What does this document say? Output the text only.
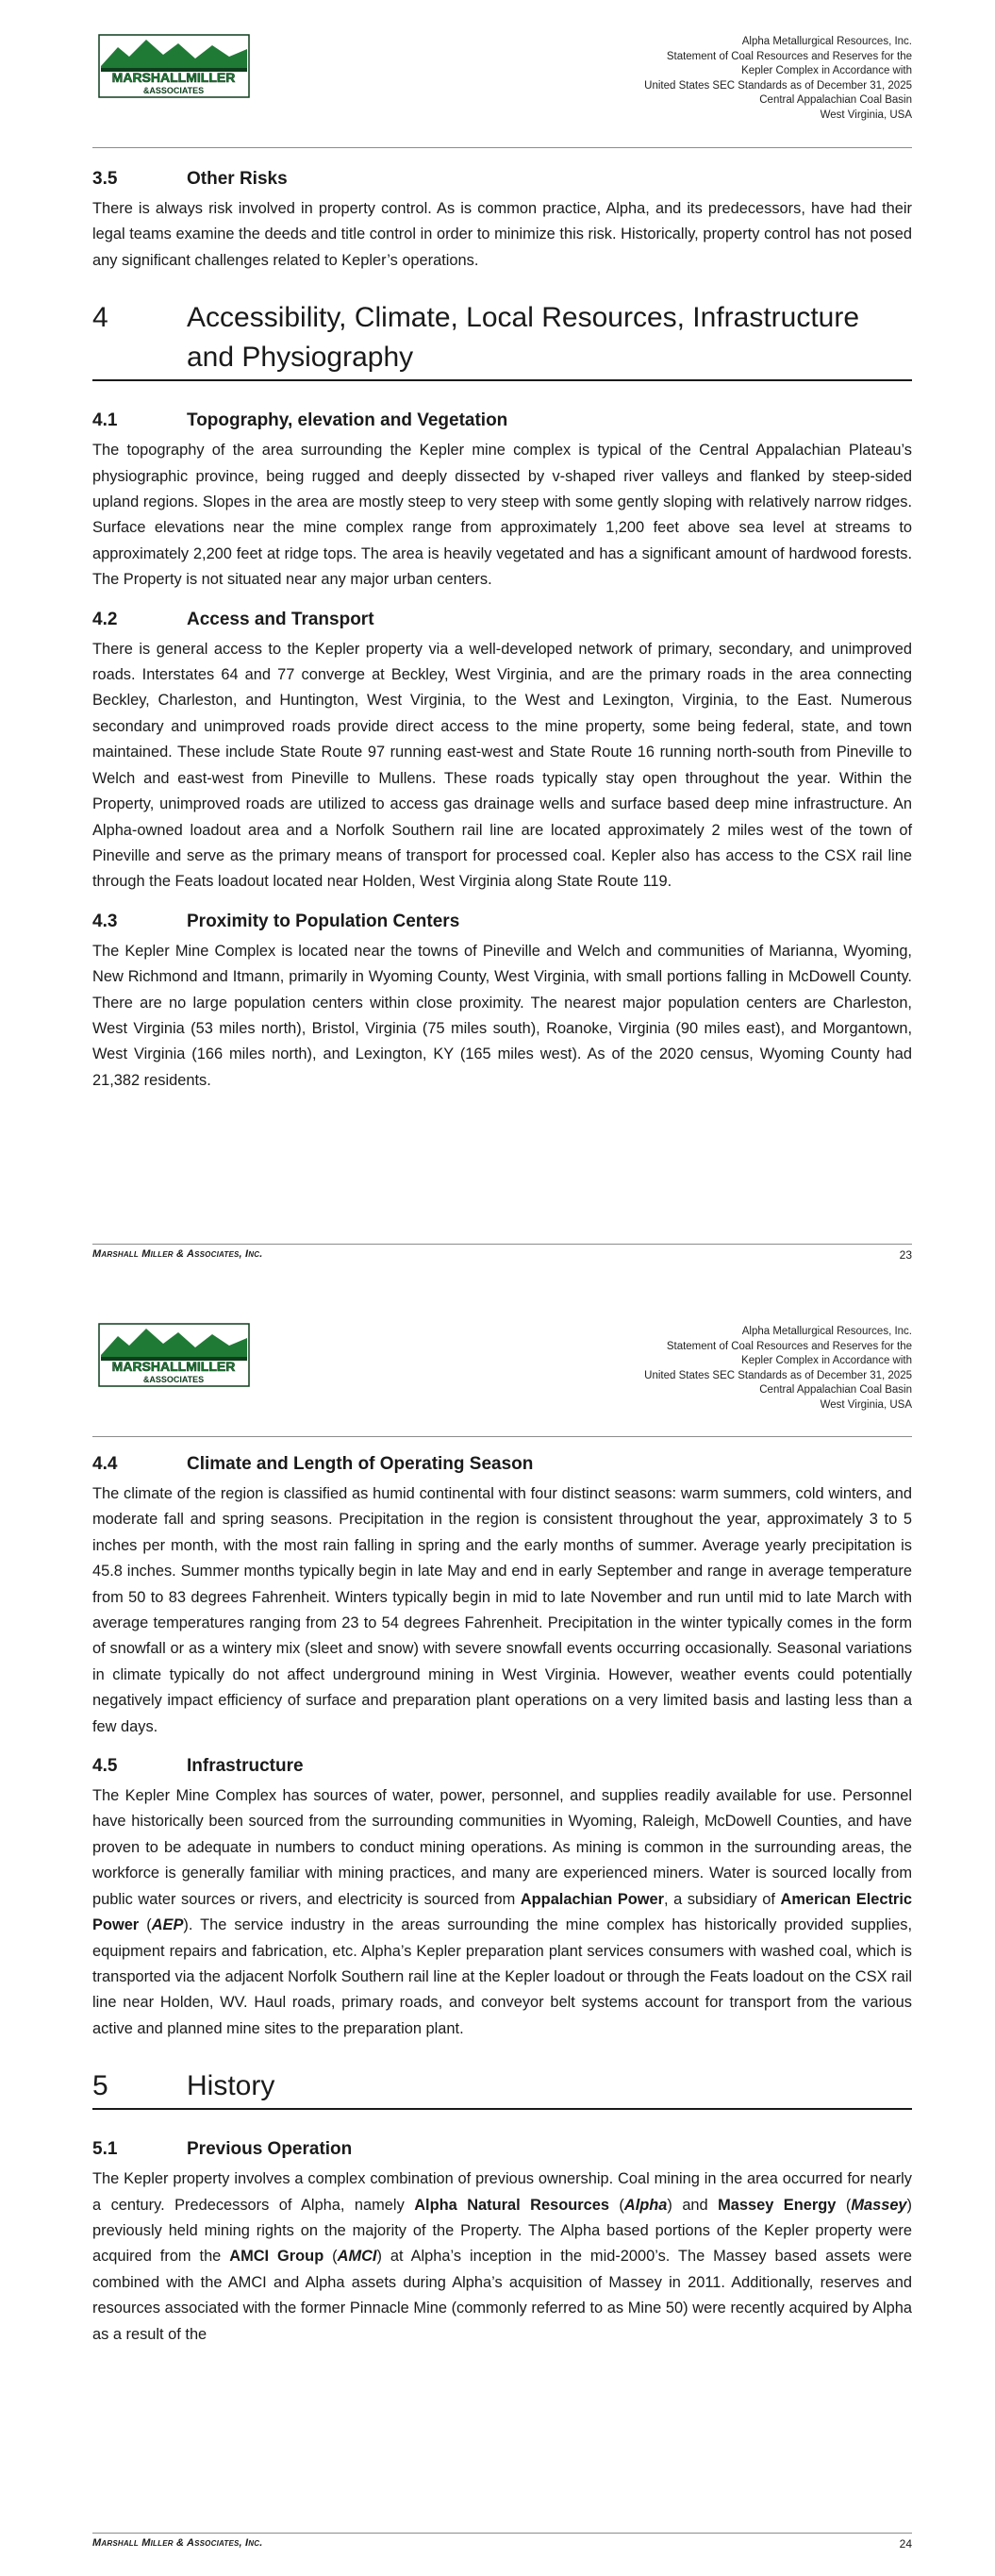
MARSHALLMILLER
&ASSOCIATES
Alpha Metallurgical Resources, Inc.
Statement of Coal Resources and Reserves for the
Kepler Complex in Accordance with
United States SEC Standards as of December 31, 2025
Central Appalachian Coal Basin
West Virginia, USA
3.5	Other Risks

There is always risk involved in property control. As is common practice, Alpha, and its predecessors, have had their legal teams examine the deeds and title control in order to minimize this risk. Historically, property control has not posed any significant challenges related to Kepler’s operations.

4	Accessibility, Climate, Local Resources, Infrastructure and Physiography
4.1	Topography, elevation and Vegetation

The topography of the area surrounding the Kepler mine complex is typical of the Central Appalachian Plateau’s physiographic province, being rugged and deeply dissected by v-shaped river valleys and flanked by steep-sided upland regions. Slopes in the area are mostly steep to very steep with some gently sloping with relatively narrow ridges. Surface elevations near the mine complex range from approximately 1,200 feet above sea level at streams to approximately 2,200 feet at ridge tops. The area is heavily vegetated and has a significant amount of hardwood forests. The Property is not situated near any major urban centers.

4.2	Access and Transport

There is general access to the Kepler property via a well-developed network of primary, secondary, and unimproved roads. Interstates 64 and 77 converge at Beckley, West Virginia, and are the primary roads in the area connecting Beckley, Charleston, and Huntington, West Virginia, to the West and Lexington, Virginia, to the East. Numerous secondary and unimproved roads provide direct access to the mine property, some being federal, state, and town maintained. These include State Route 97 running east-west and State Route 16 running north-south from Pineville to Welch and east-west from Pineville to Mullens. These roads typically stay open throughout the year. Within the Property, unimproved roads are utilized to access gas drainage wells and surface based deep mine infrastructure. An Alpha-owned loadout area and a Norfolk Southern rail line are located approximately 2 miles west of the town of Pineville and serve as the primary means of transport for processed coal. Kepler also has access to the CSX rail line through the Feats loadout located near Holden, West Virginia along State Route 119.

4.3	Proximity to Population Centers

The Kepler Mine Complex is located near the towns of Pineville and Welch and communities of Marianna, Wyoming, New Richmond and Itmann, primarily in Wyoming County, West Virginia, with small portions falling in McDowell County. There are no large population centers within close proximity. The nearest major population centers are Charleston, West Virginia (53 miles north), Bristol, Virginia (75 miles south), Roanoke, Virginia (90 miles east), and Morgantown, West Virginia (166 miles north), and Lexington, KY (165 miles west). As of the 2020 census, Wyoming County had 21,382 residents.

Marshall Miller & Associates, Inc.	23
MARSHALLMILLER
&ASSOCIATES
Alpha Metallurgical Resources, Inc.
Statement of Coal Resources and Reserves for the
Kepler Complex in Accordance with
United States SEC Standards as of December 31, 2025
Central Appalachian Coal Basin
West Virginia, USA
4.4	Climate and Length of Operating Season

The climate of the region is classified as humid continental with four distinct seasons: warm summers, cold winters, and moderate fall and spring seasons. Precipitation in the region is consistent throughout the year, approximately 3 to 5 inches per month, with the most rain falling in spring and the early months of summer. Average yearly precipitation is 45.8 inches. Summer months typically begin in late May and end in early September and range in average temperature from 50 to 83 degrees Fahrenheit. Winters typically begin in mid to late November and run until mid to late March with average temperatures ranging from 23 to 54 degrees Fahrenheit. Precipitation in the winter typically comes in the form of snowfall or as a wintery mix (sleet and snow) with severe snowfall events occurring occasionally. Seasonal variations in climate typically do not affect underground mining in West Virginia. However, weather events could potentially negatively impact efficiency of surface and preparation plant operations on a very limited basis and lasting less than a few days.

4.5	Infrastructure

The Kepler Mine Complex has sources of water, power, personnel, and supplies readily available for use. Personnel have historically been sourced from the surrounding communities in Wyoming, Raleigh, McDowell Counties, and have proven to be adequate in numbers to conduct mining operations. As mining is common in the surrounding areas, the workforce is generally familiar with mining practices, and many are experienced miners. Water is sourced locally from public water sources or rivers, and electricity is sourced from Appalachian Power, a subsidiary of American Electric Power (AEP). The service industry in the areas surrounding the mine complex has historically provided supplies, equipment repairs and fabrication, etc. Alpha’s Kepler preparation plant services consumers with washed coal, which is transported via the adjacent Norfolk Southern rail line at the Kepler loadout or through the Feats loadout on the CSX rail line near Holden, WV. Haul roads, primary roads, and conveyor belt systems account for transport from the various active and planned mine sites to the preparation plant.

5	History
5.1	Previous Operation

The Kepler property involves a complex combination of previous ownership. Coal mining in the area occurred for nearly a century. Predecessors of Alpha, namely Alpha Natural Resources (Alpha) and Massey Energy (Massey) previously held mining rights on the majority of the Property. The Alpha based portions of the Kepler property were acquired from the AMCI Group (AMCI) at Alpha’s inception in the mid-2000’s. The Massey based assets were combined with the AMCI and Alpha assets during Alpha’s acquisition of Massey in 2011. Additionally, reserves and resources associated with the former Pinnacle Mine (commonly referred to as Mine 50) were recently acquired by Alpha as a result of the

Marshall Miller & Associates, Inc.	24
